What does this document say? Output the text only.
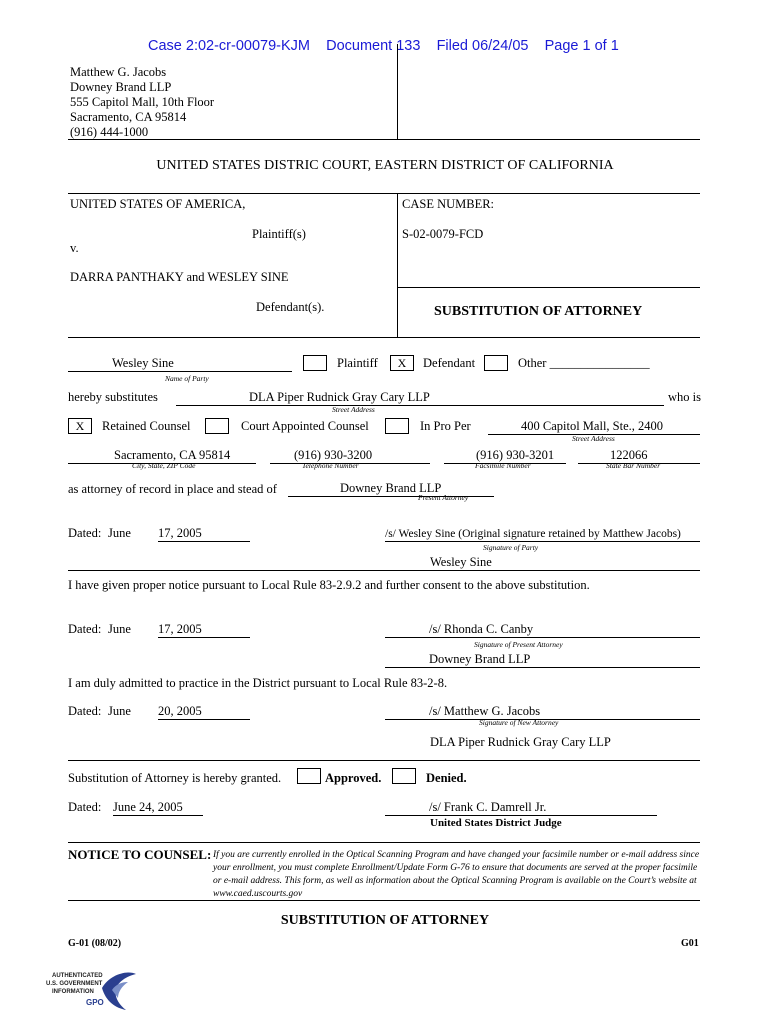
Case 2:02-cr-00079-KJM Document 133 Filed 06/24/05 Page 1 of 1
Matthew G. Jacobs
Downey Brand LLP
555 Capitol Mall, 10th Floor
Sacramento, CA 95814
(916) 444-1000
UNITED STATES DISTRIC COURT, EASTERN DISTRICT OF CALIFORNIA
UNITED STATES OF AMERICA,
Plaintiff(s)
v.
DARRA PANTHAKY and WESLEY SINE
Defendant(s).
CASE NUMBER:
S-02-0079-FCD
SUBSTITUTION OF ATTORNEY
Wesley Sine
Name of Party
Plaintiff	X	Defendant	Other ________________
hereby substitutes	DLA Piper Rudnick Gray Cary LLP	who is
Street Address
X	Retained Counsel	Court Appointed Counsel	In Pro Per	400 Capitol Mall, Ste., 2400
Street Address
Sacramento, CA 95814
City, State, ZIP Code
(916) 930-3200
Telephone Number
(916) 930-3201
Facsimile Number
122066
State Bar Number
as attorney of record in place and stead of	Downey Brand LLP
Present Attorney
Dated: June 17, 2005	/s/ Wesley Sine (Original signature retained by Matthew Jacobs)
Signature of Party
Wesley Sine
I have given proper notice pursuant to Local Rule 83-2.9.2 and further consent to the above substitution.
Dated: June 17, 2005	/s/ Rhonda C. Canby
Signature of Present Attorney
Downey Brand LLP
I am duly admitted to practice in the District pursuant to Local Rule 83-2-8.
Dated: June 20, 2005	/s/ Matthew G. Jacobs
Signature of New Attorney
DLA Piper Rudnick Gray Cary LLP
Substitution of Attorney is hereby granted.	Approved.	Denied.
Dated: June 24, 2005	/s/ Frank C. Damrell Jr.
United States District Judge
NOTICE TO COUNSEL: If you are currently enrolled in the Optical Scanning Program and have changed your facsimile number or e-mail address since your enrollment, you must complete Enrollment/Update Form G-76 to ensure that documents are served at the proper facsimile or e-mail address. This form, as well as information about the Optical Scanning Program is available on the Court’s website at www.caed.uscourts.gov
SUBSTITUTION OF ATTORNEY
G-01 (08/02)	G01
AUTHENTICATED
U.S. GOVERNMENT
INFORMATION
GPO
